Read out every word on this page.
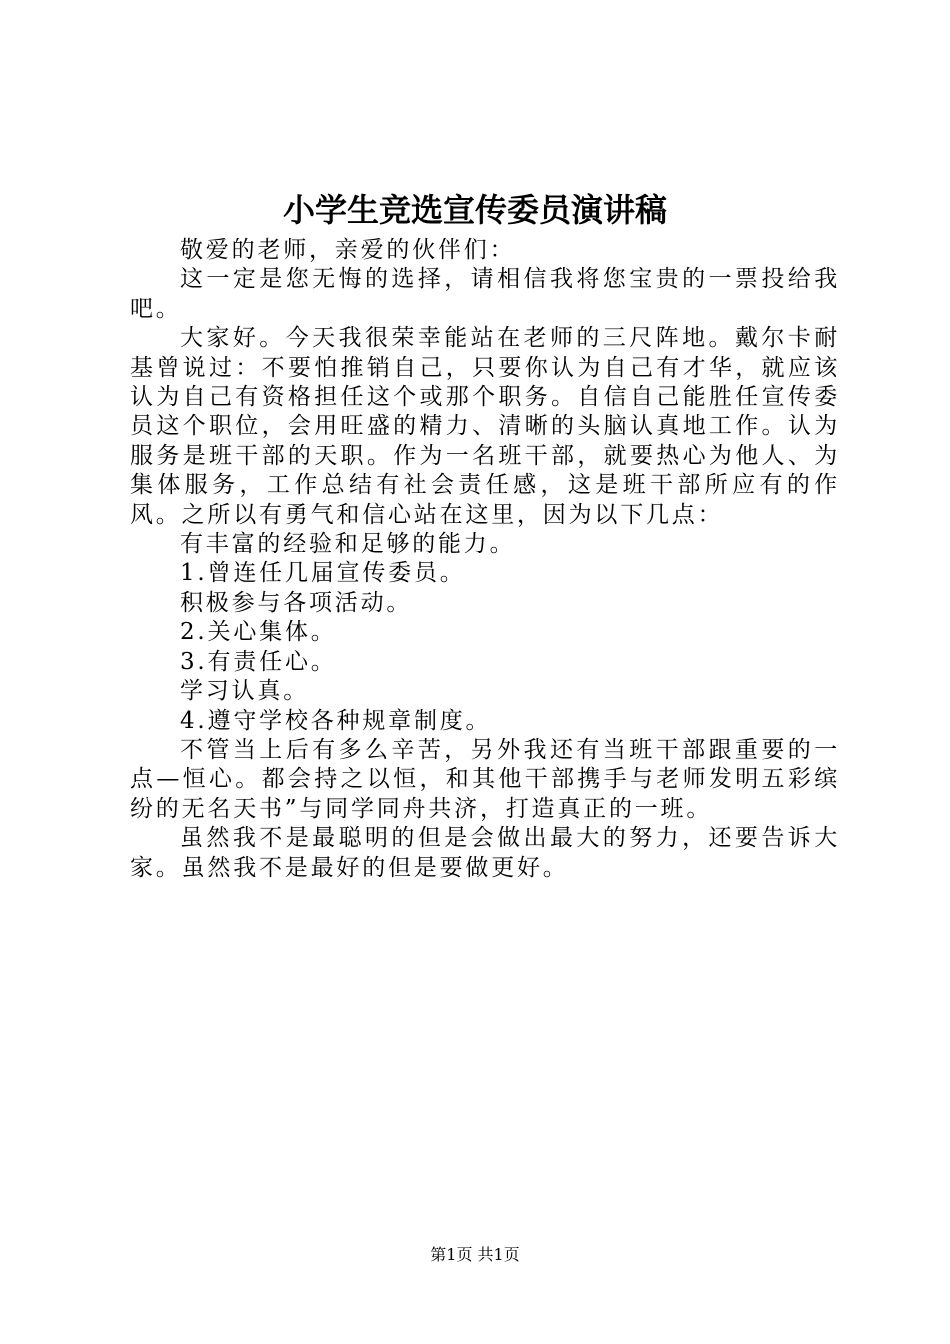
小学生竞选宣传委员演讲稿

敬爱的老师，亲爱的伙伴们：

这一定是您无悔的选择，请相信我将您宝贵的一票投给我吧。

大家好。今天我很荣幸能站在老师的三尺阵地。戴尔卡耐基曾说过：不要怕推销自己，只要你认为自己有才华，就应该认为自己有资格担任这个或那个职务。自信自己能胜任宣传委员这个职位，会用旺盛的精力、清晰的头脑认真地工作。认为服务是班干部的天职。作为一名班干部，就要热心为他人、为集体服务，工作总结有社会责任感，这是班干部所应有的作风。之所以有勇气和信心站在这里，因为以下几点：

有丰富的经验和足够的能力。

1.曾连任几届宣传委员。

积极参与各项活动。

2.关心集体。

3.有责任心。

学习认真。

4.遵守学校各种规章制度。

不管当上后有多么辛苦，另外我还有当班干部跟重要的一点—恒心。都会持之以恒，和其他干部携手与老师发明五彩缤纷的无名天书”与同学同舟共济，打造真正的一班。

虽然我不是最聪明的但是会做出最大的努力，还要告诉大家。虽然我不是最好的但是要做更好。

第1页 共1页
